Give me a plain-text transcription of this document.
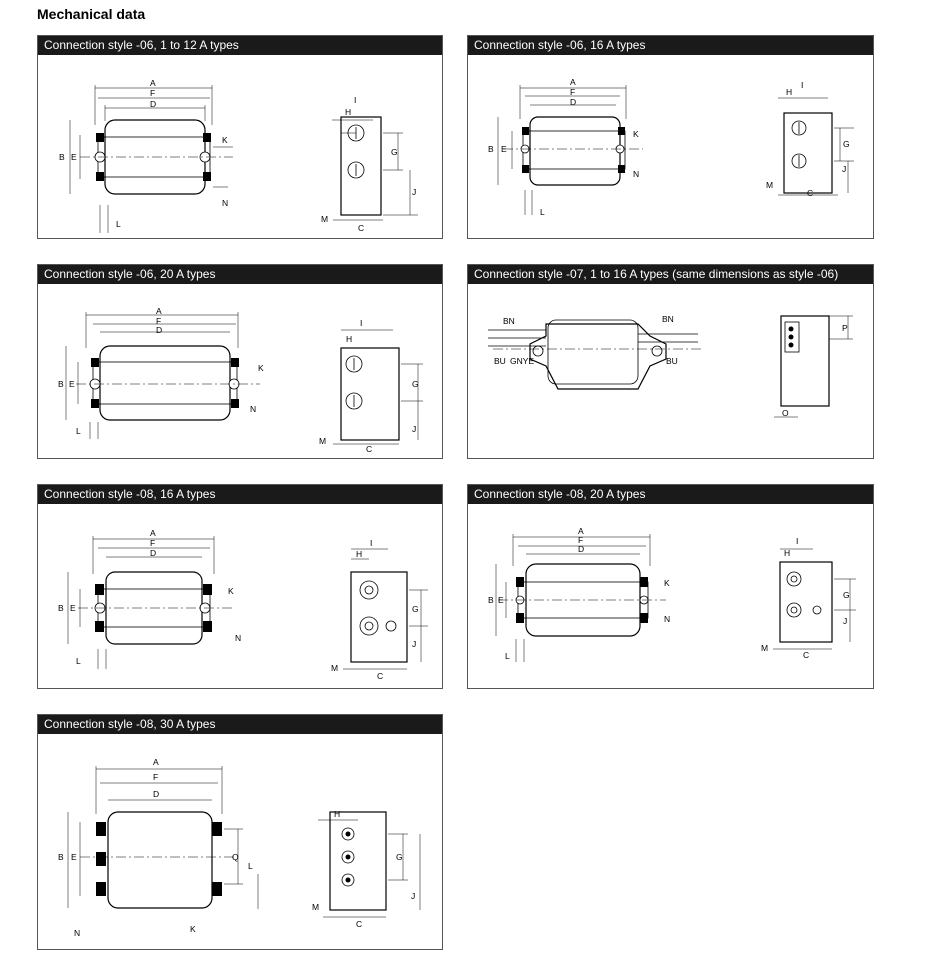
Mechanical data
Connection style -06, 1 to 12 A types
A
F
D
B E
K
N
L
I
H
G
J
M
C
Connection style -06, 16 A types
A
F
D
B E
K
N
L
I
H
G
J
M
C
Connection style -06, 20 A types
A
F
D
B E
K
N
L
I
H
G
J
M
C
Connection style -07, 1 to 16 A types (same dimensions as style -06)
BN
BU GNYE
BN
BU
P
O
Connection style -08, 16 A types
A
F
D
B E
K
N
L
I
H
G
J
M
C
Connection style -08, 20 A types
A
F
D
B E
K
N
L
I
H
G
J
M
C
Connection style -08, 30 A types
A
F
D
B E	Q
L
N	K
H
G
J
M
C
